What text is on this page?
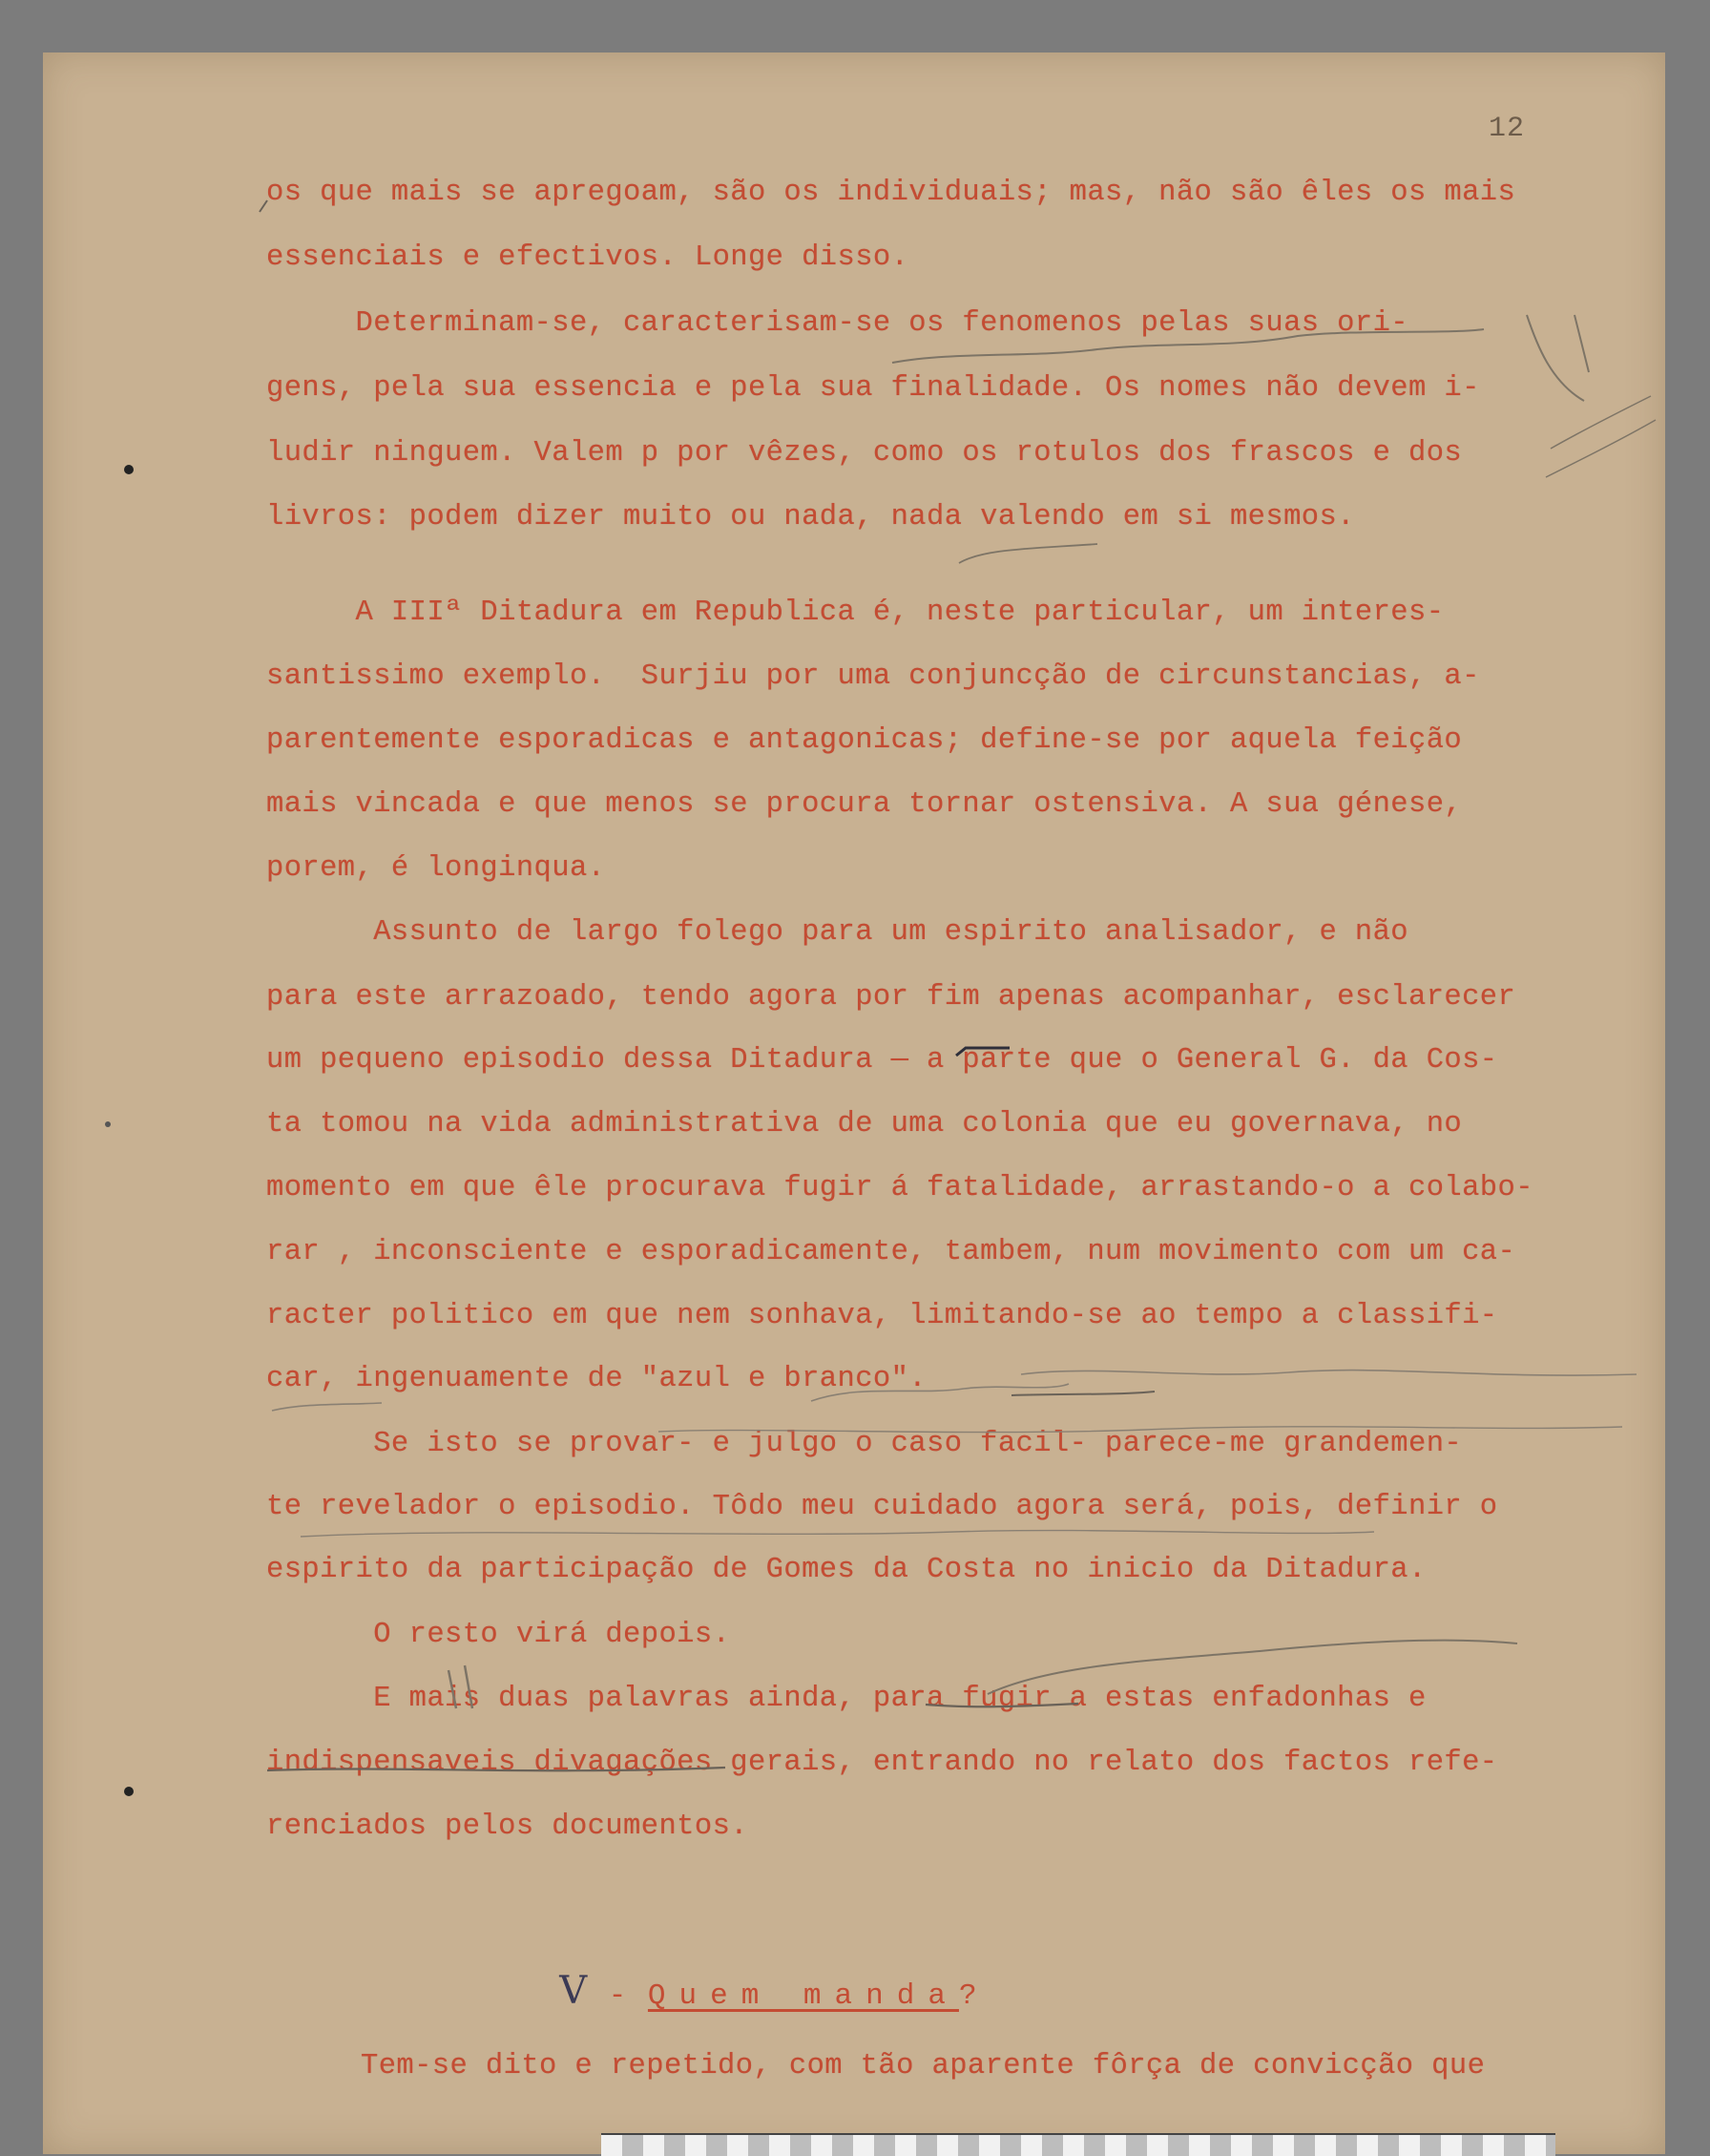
12
os que mais se apregoam, são os individuais; mas, não são êles os mais
essenciais e efectivos. Longe disso.
Determinam-se, caracterisam-se os fenomenos pelas suas ori-
gens, pela sua essencia e pela sua finalidade. Os nomes não devem i-
ludir ninguem. Valem p por vêzes, como os rotulos dos frascos e dos
livros: podem dizer muito ou nada, nada valendo em si mesmos.
A IIIª Ditadura em Republica é, neste particular, um interes-
santissimo exemplo.  Surjiu por uma conjuncção de circunstancias, a-
parentemente esporadicas e antagonicas; define-se por aquela feição
mais vincada e que menos se procura tornar ostensiva. A sua génese,
porem, é longinqua.
Assunto de largo folego para um espirito analisador, e não
para este arrazoado, tendo agora por fim apenas acompanhar, esclarecer
um pequeno episodio dessa Ditadura — a parte que o General G. da Cos-
ta tomou na vida administrativa de uma colonia que eu governava, no
momento em que êle procurava fugir á fatalidade, arrastando-o a colabo-
rar , inconsciente e esporadicamente, tambem, num movimento com um ca-
racter politico em que nem sonhava, limitando-se ao tempo a classifi-
car, ingenuamente de "azul e branco".
Se isto se provar- e julgo o caso facil- parece-me grandemen-
te revelador o episodio. Tôdo meu cuidado agora será, pois, definir o
espirito da participação de Gomes da Costa no inicio da Ditadura.
O resto virá depois.
E mais duas palavras ainda, para fugir a estas enfadonhas e
indispensaveis divagações gerais, entrando no relato dos factos refe-
renciados pelos documentos.

V - Quem manda?

Tem-se dito e repetido, com tão aparente fôrça de convicção que
